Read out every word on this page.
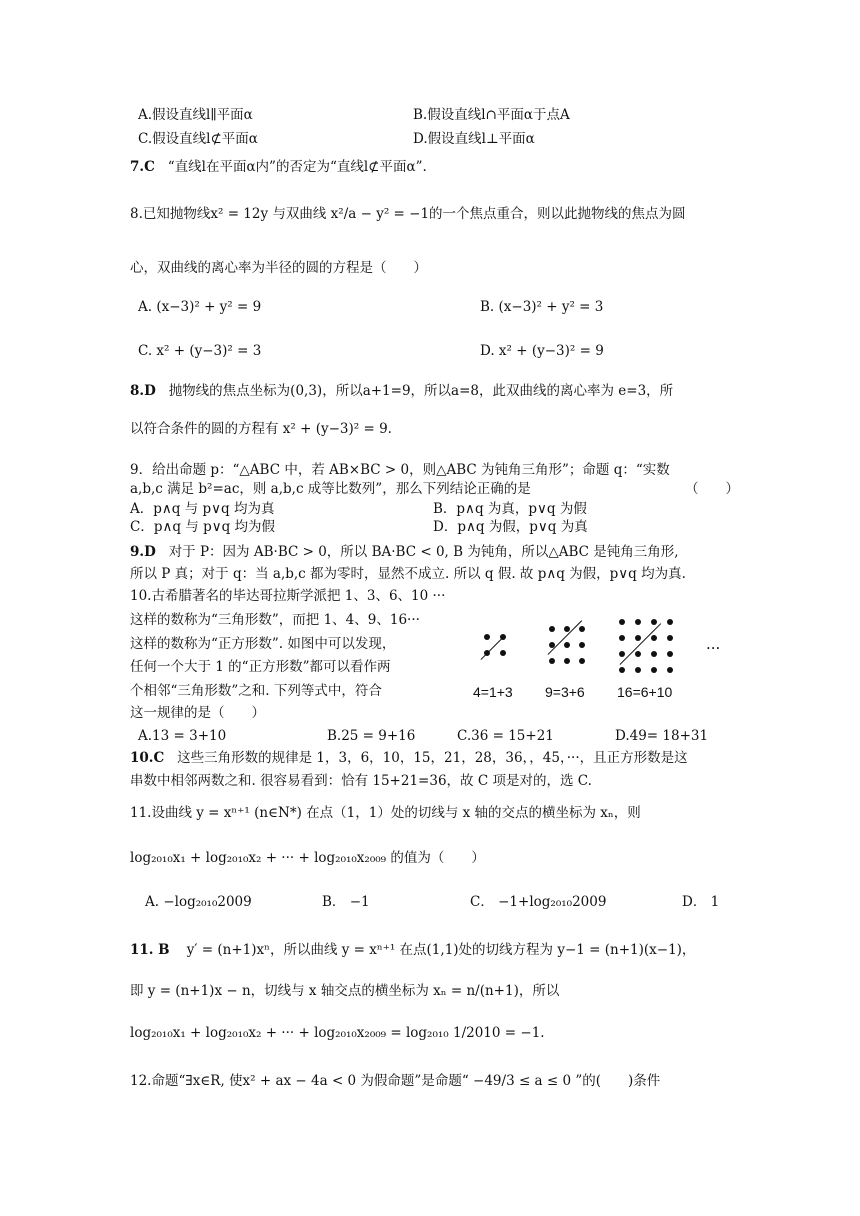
A.假设直线l∥平面α	B.假设直线l∩平面α于点A
C.假设直线l⊄平面α	D.假设直线l⊥平面α
7.C “直线l在平面α内”的否定为“直线l⊄平面α”.
8.已知抛物线x² = 12y 与双曲线 x²/a − y² = −1的一个焦点重合，则以此抛物线的焦点为圆
心，双曲线的离心率为半径的圆的方程是（　　）
A. (x−3)² + y² = 9	B. (x−3)² + y² = 3
C. x² + (y−3)² = 3	D. x² + (y−3)² = 9
8.D 抛物线的焦点坐标为(0,3)，所以a+1=9，所以a=8，此双曲线的离心率为 e=3，所
以符合条件的圆的方程有 x² + (y−3)² = 9.
9．给出命题 p：“△ABC 中，若 AB×BC > 0，则△ABC 为钝角三角形”；命题 q：“实数
a,b,c 满足 b²=ac，则 a,b,c 成等比数列”，那么下列结论正确的是	（　　）
A．p∧q 与 p∨q 均为真	B．p∧q 为真，p∨q 为假
C．p∧q 与 p∨q 均为假	D．p∧q 为假，p∨q 为真
9.D 对于 P：因为 AB·BC > 0，所以 BA·BC < 0, B 为钝角，所以△ABC 是钝角三角形,
所以 P 真；对于 q：当 a,b,c 都为零时，显然不成立. 所以 q 假. 故 p∧q 为假，p∨q 均为真.
10.古希腊著名的毕达哥拉斯学派把 1、3、6、10 ···
这样的数称为“三角形数”，而把 1、4、9、16···
这样的数称为“正方形数”. 如图中可以发现，
任何一个大于 1 的“正方形数”都可以看作两
个相邻“三角形数”之和. 下列等式中，符合
这一规律的是（　　）
···
4=1+3 9=3+6 16=6+10
A.13 = 3+10	B.25 = 9+16	C.36 = 15+21	D.49= 18+31
10.C 这些三角形数的规律是 1，3，6，10，15，21，28，36，，45，···，且正方形数是这
串数中相邻两数之和. 很容易看到：恰有 15+21=36，故 C 项是对的，选 C.
11.设曲线 y = xⁿ⁺¹ (n∈N*) 在点（1，1）处的切线与 x 轴的交点的横坐标为 xₙ，则
log₂₀₁₀x₁ + log₂₀₁₀x₂ + ··· + log₂₀₁₀x₂₀₀₉ 的值为（　　）
A. −log₂₀₁₀2009	B． −1	C． −1+log₂₀₁₀2009	D． 1
11. B y′ = (n+1)xⁿ，所以曲线 y = xⁿ⁺¹ 在点(1,1)处的切线方程为 y−1 = (n+1)(x−1)，
即 y = (n+1)x − n，切线与 x 轴交点的横坐标为 xₙ = n/(n+1)，所以
log₂₀₁₀x₁ + log₂₀₁₀x₂ + ··· + log₂₀₁₀x₂₀₀₉ = log₂₀₁₀ 1/2010 = −1.
12.命题“∃x∈R, 使x² + ax − 4a < 0 为假命题”是命题“ −49/3 ≤ a ≤ 0 ”的(　　)条件
